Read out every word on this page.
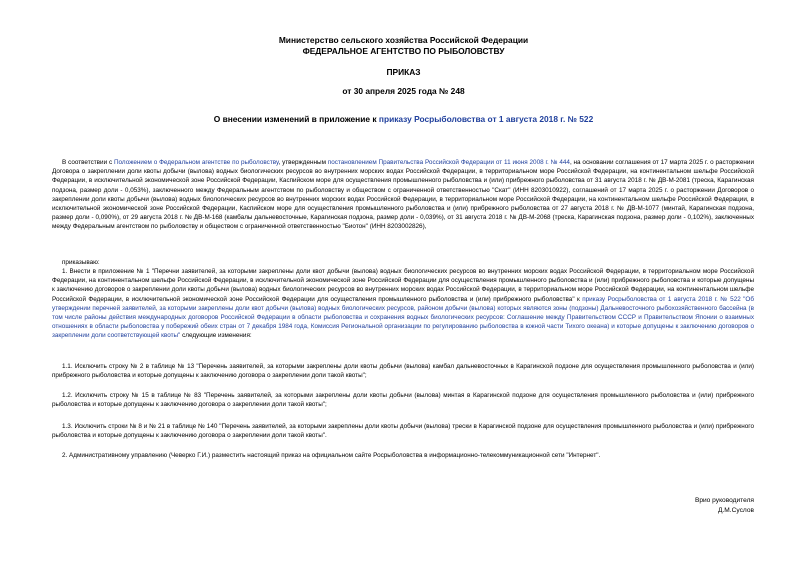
Министерство сельского хозяйства Российской Федерации
ФЕДЕРАЛЬНОЕ АГЕНТСТВО ПО РЫБОЛОВСТВУ
ПРИКАЗ
от 30 апреля 2025 года № 248
О внесении изменений в приложение к приказу Росрыболовства от 1 августа 2018 г. № 522
В соответствии с Положением о Федеральном агентстве по рыболовству, утвержденным постановлением Правительства Российской Федерации от 11 июня 2008 г. № 444, на основании соглашения от 17 марта 2025 г. о расторжении Договора о закреплении доли квоты добычи (вылова) водных биологических ресурсов во внутренних морских водах Российской Федерации, в территориальном море Российской Федерации, на континентальном шельфе Российской Федерации, в исключительной экономической зоне Российской Федерации, Каспийском море для осуществления промышленного рыболовства и (или) прибрежного рыболовства от 31 августа 2018 г. № ДВ-М-2081 (треска, Карагинская подзона, размер доли - 0,053%), заключенного между Федеральным агентством по рыболовству и обществом с ограниченной ответственностью "Скат" (ИНН 8203010922), соглашений от 17 марта 2025 г. о расторжении Договоров о закреплении доли квоты добычи (вылова) водных биологических ресурсов во внутренних морских водах Российской Федерации, в территориальном море Российской Федерации, на континентальном шельфе Российской Федерации, в исключительной экономической зоне Российской Федерации, Каспийском море для осуществления промышленного рыболовства и (или) прибрежного рыболовства от 27 августа 2018 г. № ДВ-М-1077 (минтай, Карагинская подзона, размер доли - 0,090%), от 29 августа 2018 г. № ДВ-М-168 (камбалы дальневосточные, Карагинская подзона, размер доли - 0,039%), от 31 августа 2018 г. № ДВ-М-2068 (треска, Карагинская подзона, размер доли - 0,102%), заключенных между Федеральным агентством по рыболовству и обществом с ограниченной ответственностью "Биотон" (ИНН 8203002826),
приказываю:
1. Внести в приложение № 1 "Перечни заявителей, за которыми закреплены доли квот добычи (вылова) водных биологических ресурсов во внутренних морских водах Российской Федерации, в территориальном море Российской Федерации, на континентальном шельфе Российской Федерации, в исключительной экономической зоне Российской Федерации для осуществления промышленного рыболовства и (или) прибрежного рыболовства и которые допущены к заключению договоров о закреплении доли квоты добычи (вылова) водных биологических ресурсов во внутренних морских водах Российской Федерации, в территориальном море Российской Федерации, на континентальном шельфе Российской Федерации, в исключительной экономической зоне Российской Федерации для осуществления промышленного рыболовства и (или) прибрежного рыболовства" к приказу Росрыболовства от 1 августа 2018 г. № 522 "Об утверждении перечней заявителей, за которыми закреплены доли квот добычи (вылова) водных биологических ресурсов, районом добычи (вылова) которых являются зоны (подзоны) Дальневосточного рыбохозяйственного бассейна (в том числе районы действия международных договоров Российской Федерации в области рыболовства и сохранения водных биологических ресурсов: Соглашение между Правительством СССР и Правительством Японии о взаимных отношениях в области рыболовства у побережий обеих стран от 7 декабря 1984 года, Комиссия Региональной организации по регулированию рыболовства в южной части Тихого океана) и которые допущены к заключению договоров о закреплении доли соответствующей квоты" следующие изменения:
1.1. Исключить строку № 2 в таблице № 13 "Перечень заявителей, за которыми закреплены доли квоты добычи (вылова) камбал дальневосточных в Карагинской подзоне для осуществления промышленного рыболовства и (или) прибрежного рыболовства и которые допущены к заключению договора о закреплении доли такой квоты";
1.2. Исключить строку № 15 в таблице № 83 "Перечень заявителей, за которыми закреплены доли квоты добычи (вылова) минтая в Карагинской подзоне для осуществления промышленного рыболовства и (или) прибрежного рыболовства и которые допущены к заключению договора о закреплении доли такой квоты";
1.3. Исключить строки № 8 и № 21 в таблице № 140 "Перечень заявителей, за которыми закреплены доли квоты добычи (вылова) трески в Карагинской подзоне для осуществления промышленного рыболовства и (или) прибрежного рыболовства и которые допущены к заключению договора о закреплении доли такой квоты".
2. Административному управлению (Чеверко Г.И.) разместить настоящий приказ на официальном сайте Росрыболовства в информационно-телекоммуникационной сети "Интернет".
Врио руководителя
Д.М.Суслов
